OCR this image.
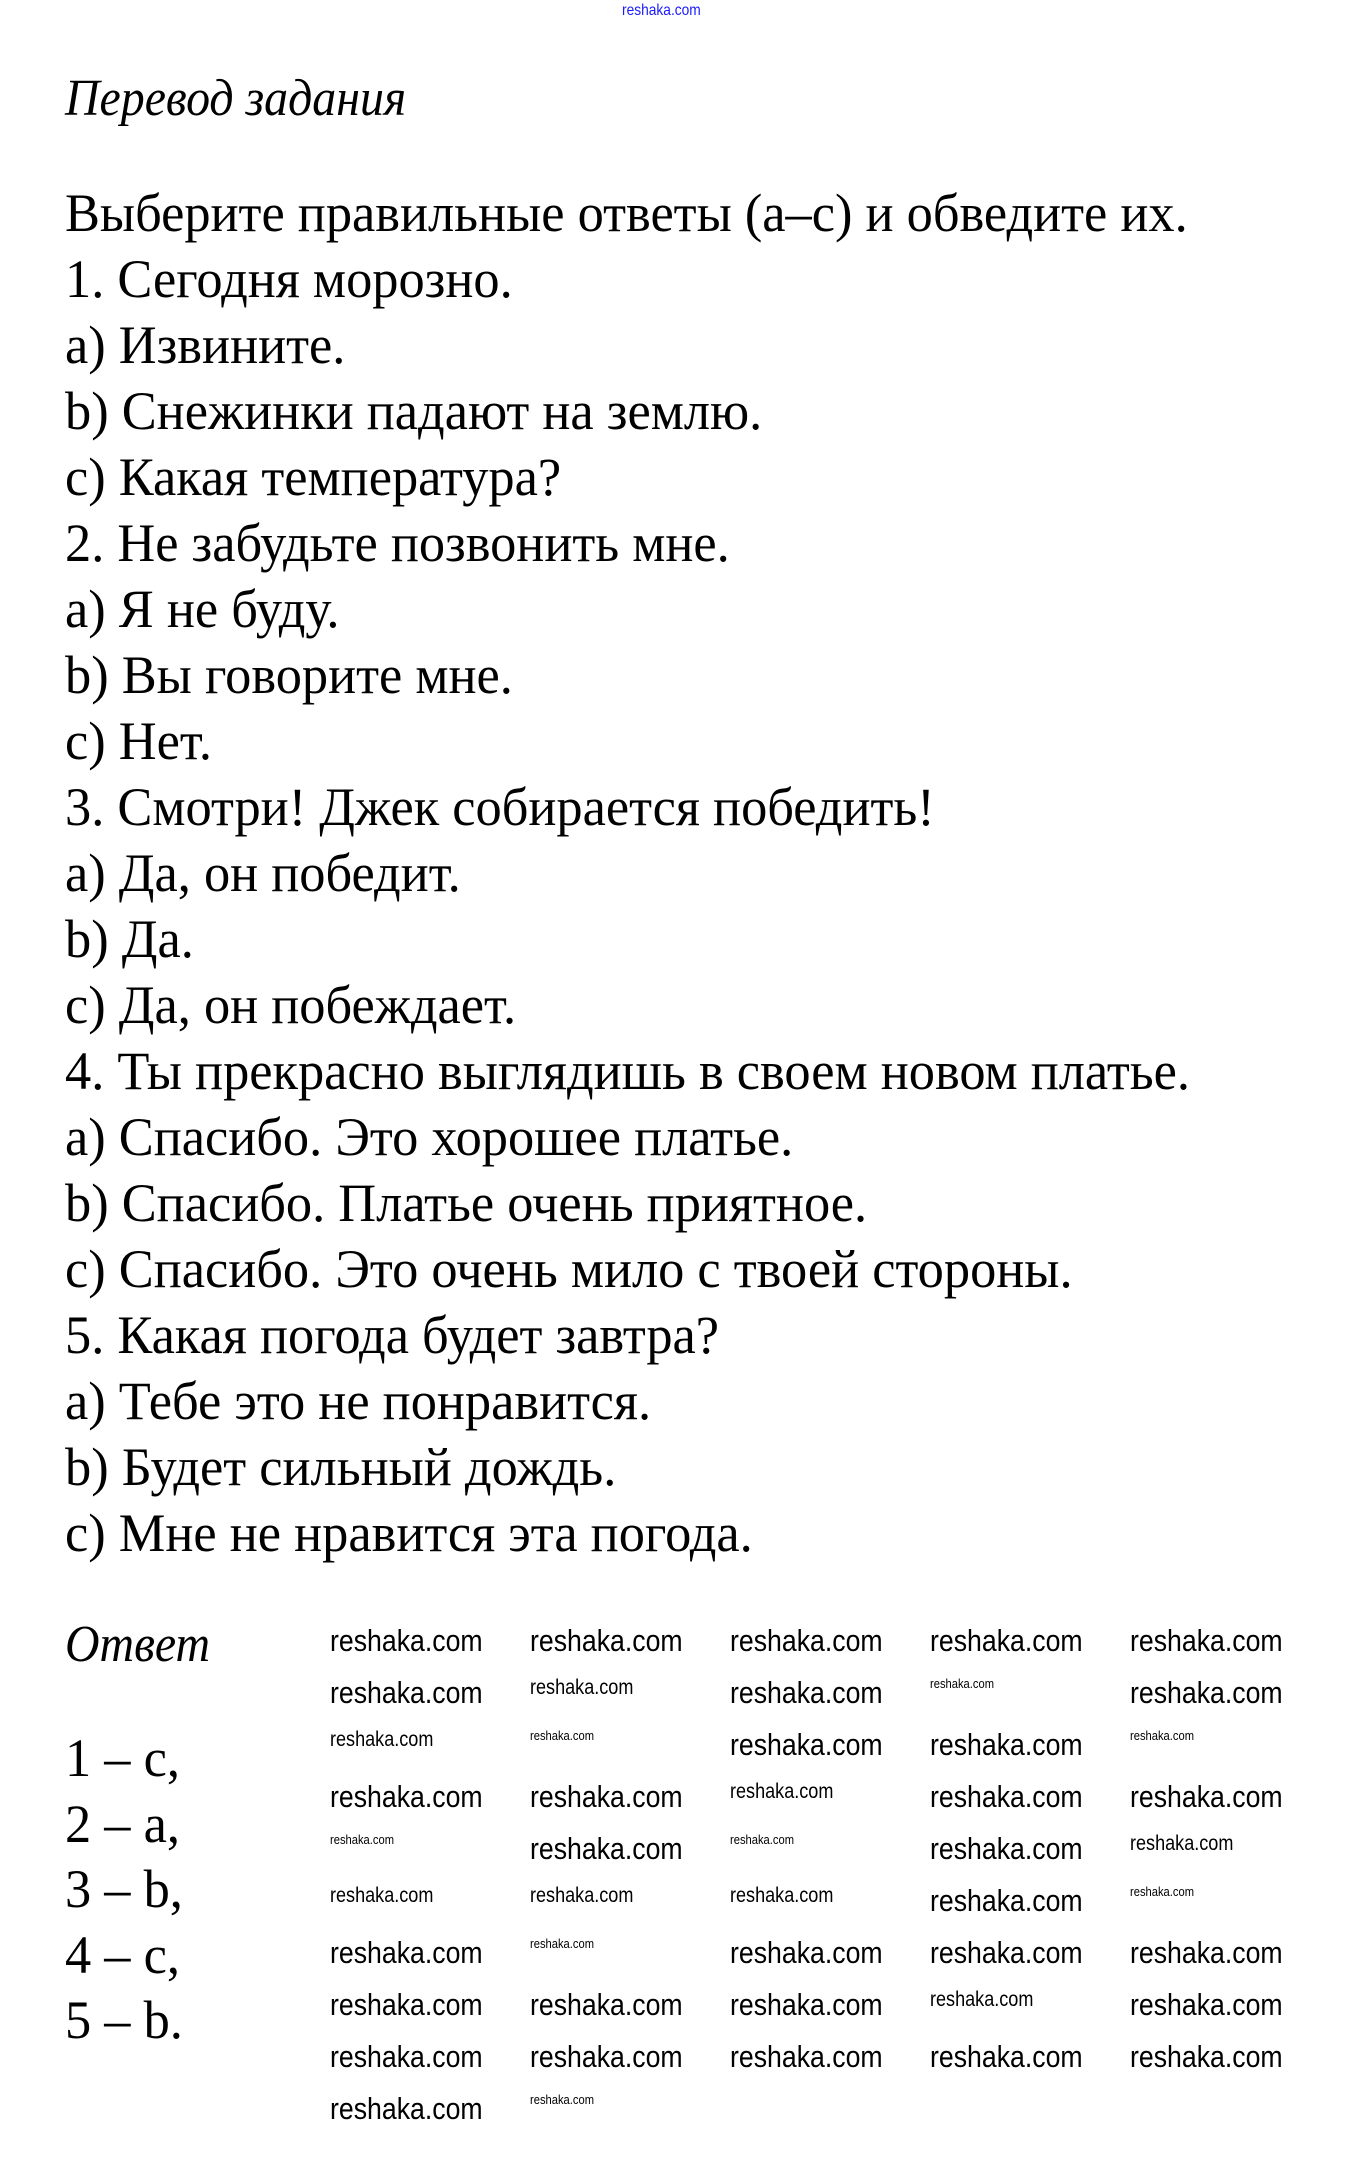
reshaka.com
Перевод задания
Выберите правильные ответы (a–c) и обведите их.
1. Сегодня морозно.
a) Извините.
b) Снежинки падают на землю.
c) Какая температура?
2. Не забудьте позвонить мне.
a) Я не буду.
b) Вы говорите мне.
c) Нет.
3. Смотри! Джек собирается победить!
a) Да, он победит.
b) Да.
c) Да, он побеждает.
4. Ты прекрасно выглядишь в своем новом платье.
a) Спасибо. Это хорошее платье.
b) Спасибо. Платье очень приятное.
c) Спасибо. Это очень мило с твоей стороны.
5. Какая погода будет завтра?
a) Тебе это не понравится.
b) Будет сильный дождь.
c) Мне не нравится эта погода.
Ответ
1 – c,
2 – a,
3 – b,
4 – c,
5 – b.
reshaka.com reshaka.com reshaka.com reshaka.com reshaka.com
reshaka.com reshaka.com	reshaka.com	reshaka.com	reshaka.com
reshaka.com	reshaka.com	reshaka.com reshaka.com	reshaka.com
reshaka.com reshaka.com reshaka.com	reshaka.com reshaka.com
reshaka.com	reshaka.com	reshaka.com	reshaka.com reshaka.com
reshaka.com	reshaka.com	reshaka.com	reshaka.com	reshaka.com
reshaka.com	reshaka.com	reshaka.com reshaka.com reshaka.com
reshaka.com reshaka.com reshaka.com reshaka.com	reshaka.com
reshaka.com reshaka.com reshaka.com reshaka.com reshaka.com
reshaka.com	reshaka.com
